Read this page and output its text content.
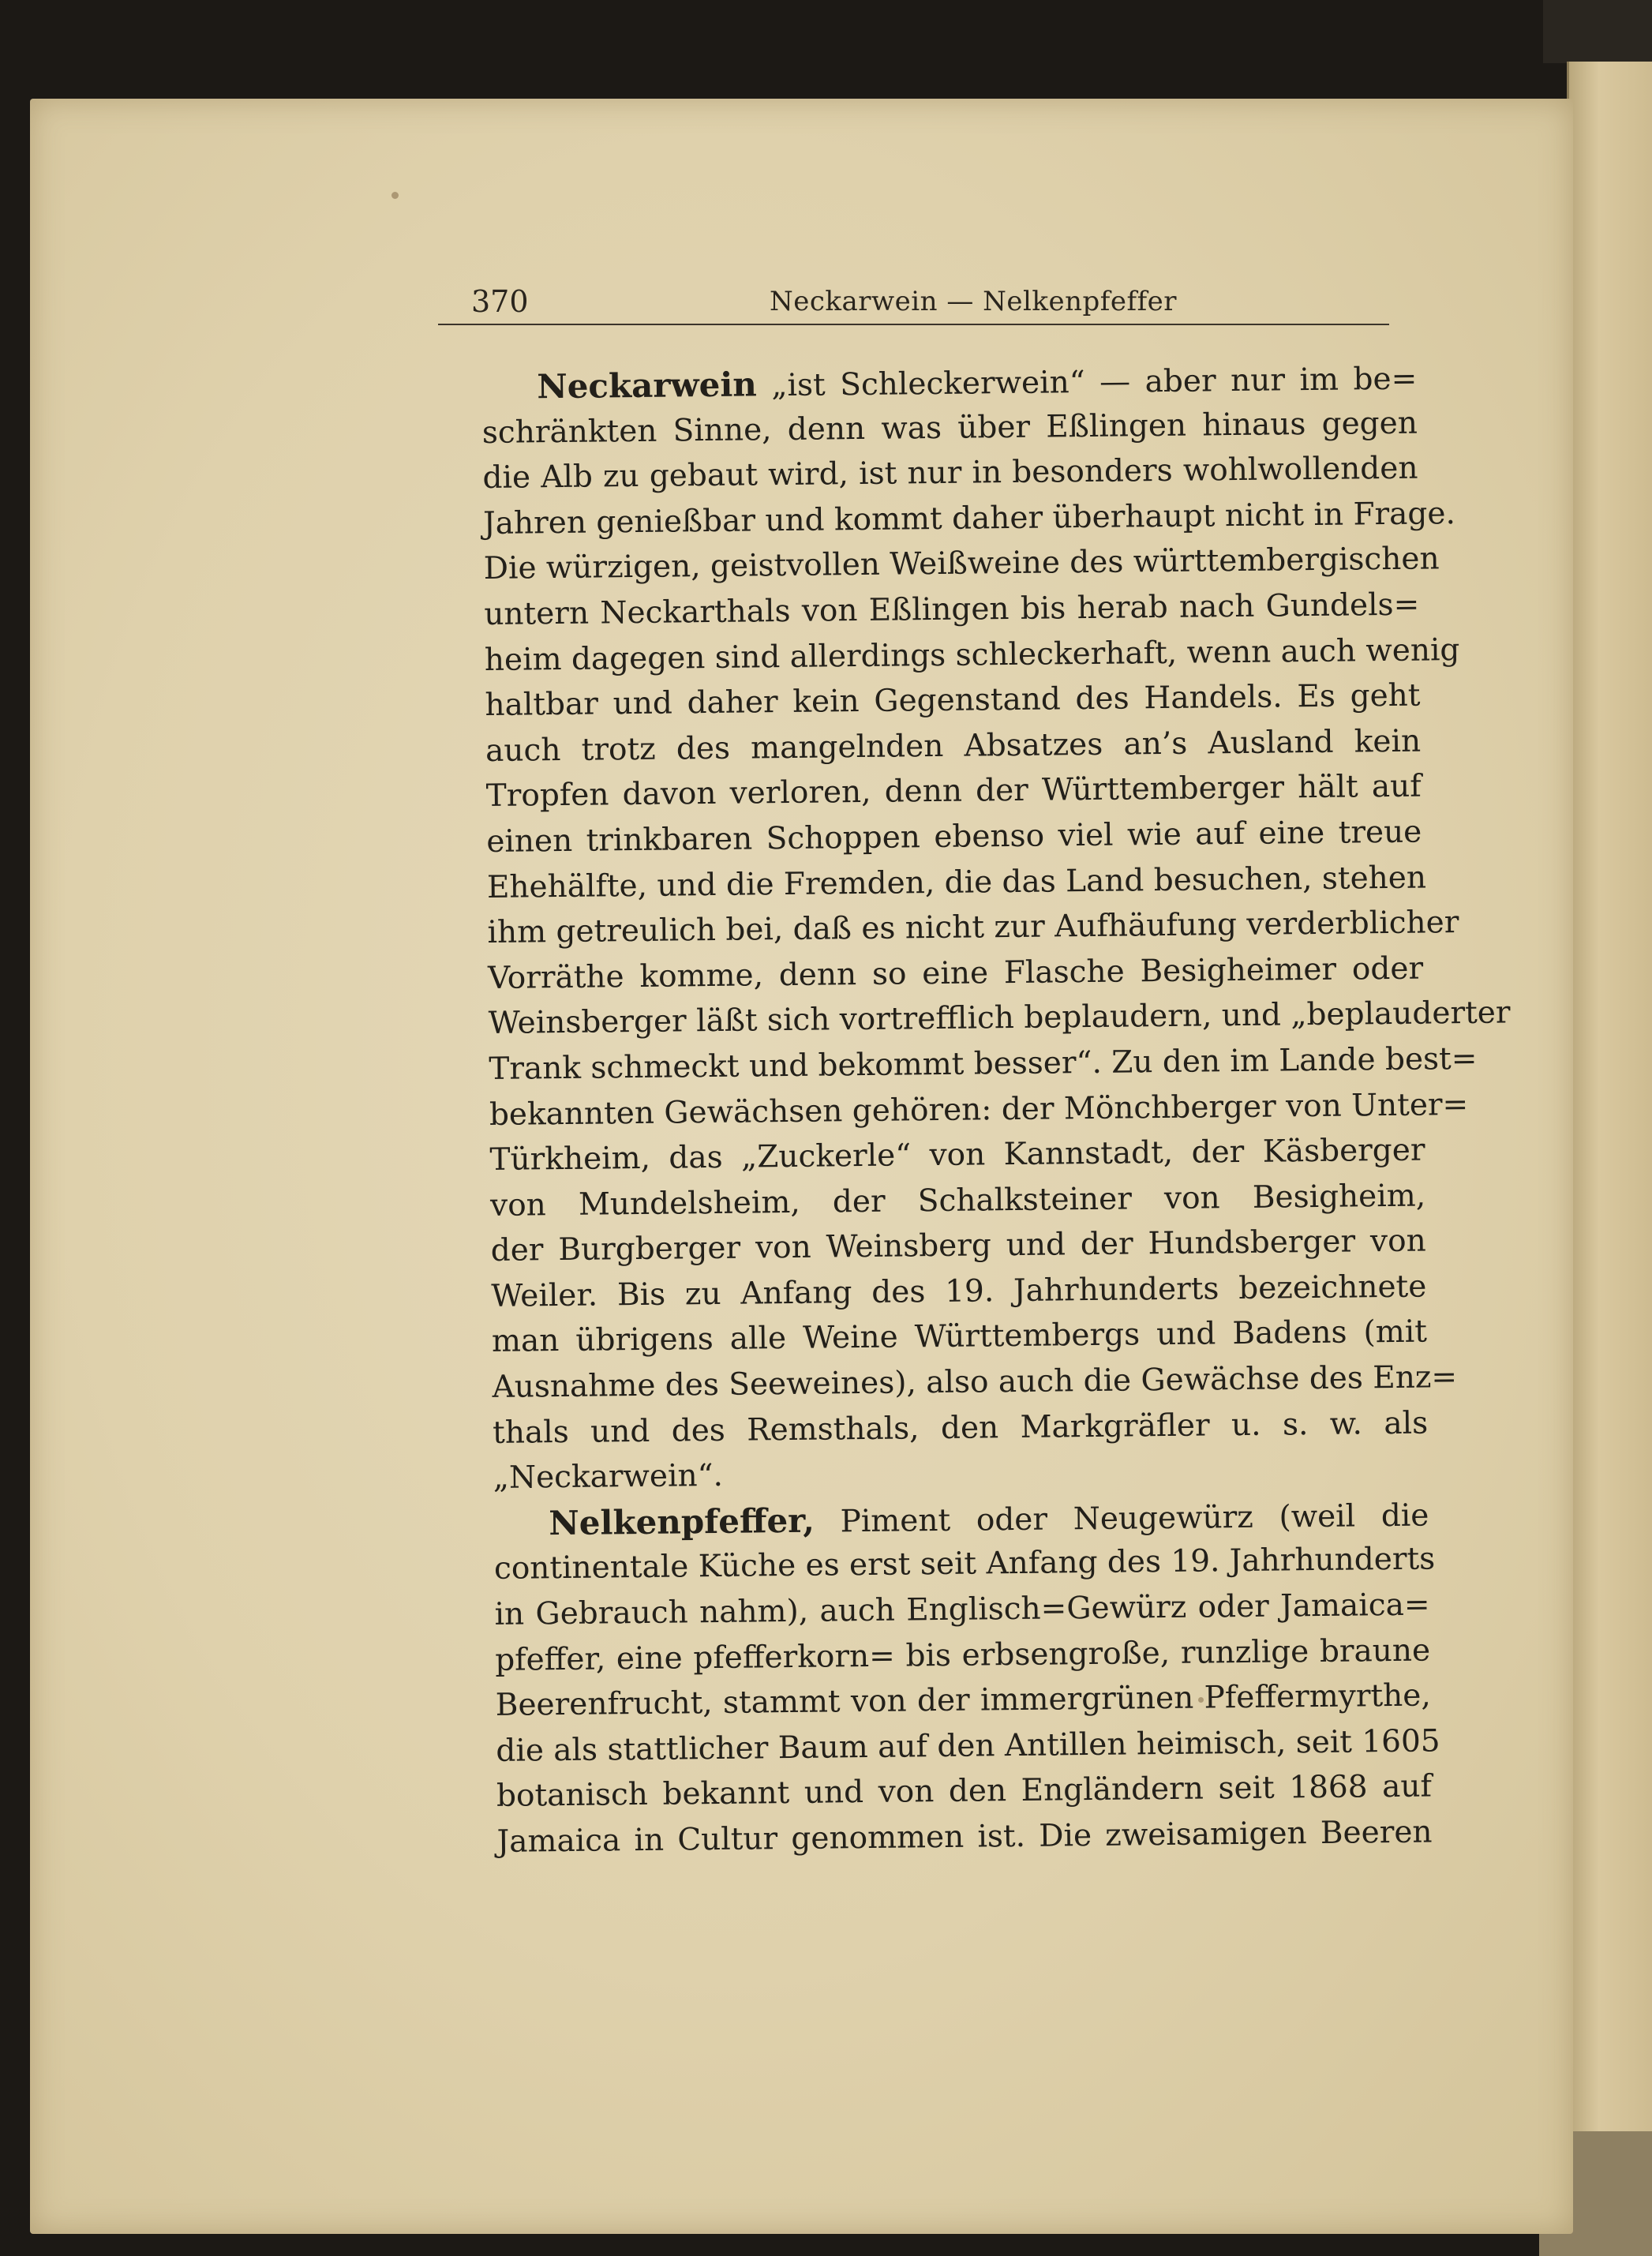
370	Neckarwein — Nelkenpfeffer
Neckarwein „ist Schleckerwein“ — aber nur im be=
schränkten Sinne, denn was über Eßlingen hinaus gegen
die Alb zu gebaut wird, ist nur in besonders wohlwollenden
Jahren genießbar und kommt daher überhaupt nicht in Frage.
Die würzigen, geistvollen Weißweine des württembergischen
untern Neckarthals von Eßlingen bis herab nach Gundels=
heim dagegen sind allerdings schleckerhaft, wenn auch wenig
haltbar und daher kein Gegenstand des Handels. Es geht
auch trotz des mangelnden Absatzes an’s Ausland kein
Tropfen davon verloren, denn der Württemberger hält auf
einen trinkbaren Schoppen ebenso viel wie auf eine treue
Ehehälfte, und die Fremden, die das Land besuchen, stehen
ihm getreulich bei, daß es nicht zur Aufhäufung verderblicher
Vorräthe komme, denn so eine Flasche Besigheimer oder
Weinsberger läßt sich vortrefflich beplaudern, und „beplauderter
Trank schmeckt und bekommt besser“. Zu den im Lande best=
bekannten Gewächsen gehören: der Mönchberger von Unter=
Türkheim, das „Zuckerle“ von Kannstadt, der Käsberger
von Mundelsheim, der Schalksteiner von Besigheim,
der Burgberger von Weinsberg und der Hundsberger von
Weiler. Bis zu Anfang des 19. Jahrhunderts bezeichnete
man übrigens alle Weine Württembergs und Badens (mit
Ausnahme des Seeweines), also auch die Gewächse des Enz=
thals und des Remsthals, den Markgräfler u. s. w. als
„Neckarwein“.
Nelkenpfeffer, Piment oder Neugewürz (weil die
continentale Küche es erst seit Anfang des 19. Jahrhunderts
in Gebrauch nahm), auch Englisch=Gewürz oder Jamaica=
pfeffer, eine pfefferkorn= bis erbsengroße, runzlige braune
Beerenfrucht, stammt von der immergrünen Pfeffermyrthe,
die als stattlicher Baum auf den Antillen heimisch, seit 1605
botanisch bekannt und von den Engländern seit 1868 auf
Jamaica in Cultur genommen ist. Die zweisamigen Beeren
